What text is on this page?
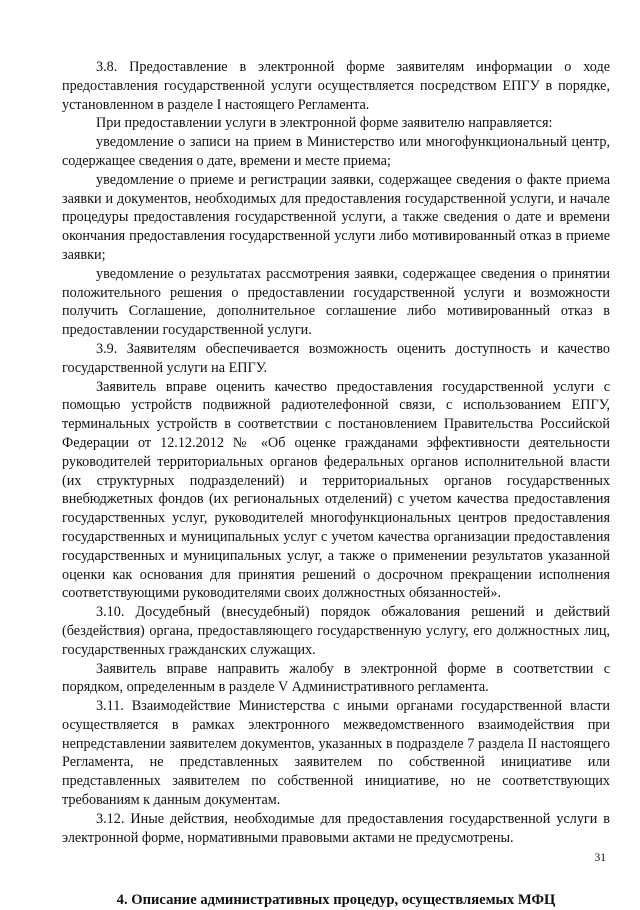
3.8. Предоставление в электронной форме заявителям информации о ходе предоставления государственной услуги осуществляется посредством ЕПГУ в порядке, установленном в разделе I настоящего Регламента.

При предоставлении услуги в электронной форме заявителю направляется:

уведомление о записи на прием в Министерство или многофункциональный центр, содержащее сведения о дате, времени и месте приема;

уведомление о приеме и регистрации заявки, содержащее сведения о факте приема заявки и документов, необходимых для предоставления государственной услуги, и начале процедуры предоставления государственной услуги, а также сведения о дате и времени окончания предоставления государственной услуги либо мотивированный отказ в приеме заявки;

уведомление о результатах рассмотрения заявки, содержащее сведения о принятии положительного решения о предоставлении государственной услуги и возможности получить Соглашение, дополнительное соглашение либо мотивированный отказ в предоставлении государственной услуги.

3.9. Заявителям обеспечивается возможность оценить доступность и качество государственной услуги на ЕПГУ.

Заявитель вправе оценить качество предоставления государственной услуги с помощью устройств подвижной радиотелефонной связи, с использованием ЕПГУ, терминальных устройств в соответствии с постановлением Правительства Российской Федерации от 12.12.2012 № «Об оценке гражданами эффективности деятельности руководителей территориальных органов федеральных органов исполнительной власти (их структурных подразделений) и территориальных органов государственных внебюджетных фондов (их региональных отделений) с учетом качества предоставления государственных услуг, руководителей многофункциональных центров предоставления государственных и муниципальных услуг с учетом качества организации предоставления государственных и муниципальных услуг, а также о применении результатов указанной оценки как основания для принятия решений о досрочном прекращении исполнения соответствующими руководителями своих должностных обязанностей».

3.10. Досудебный (внесудебный) порядок обжалования решений и действий (бездействия) органа, предоставляющего государственную услугу, его должностных лиц, государственных гражданских служащих.

Заявитель вправе направить жалобу в электронной форме в соответствии с порядком, определенным в разделе V Административного регламента.

3.11. Взаимодействие Министерства с иными органами государственной власти осуществляется в рамках электронного межведомственного взаимодействия при непредставлении заявителем документов, указанных в подразделе 7 раздела II настоящего Регламента, не представленных заявителем по собственной инициативе или представленных заявителем по собственной инициативе, но не соответствующих требованиям к данным документам.

3.12. Иные действия, необходимые для предоставления государственной услуги в электронной форме, нормативными правовыми актами не предусмотрены.

4. Описание административных процедур, осуществляемых МФЦ
31
